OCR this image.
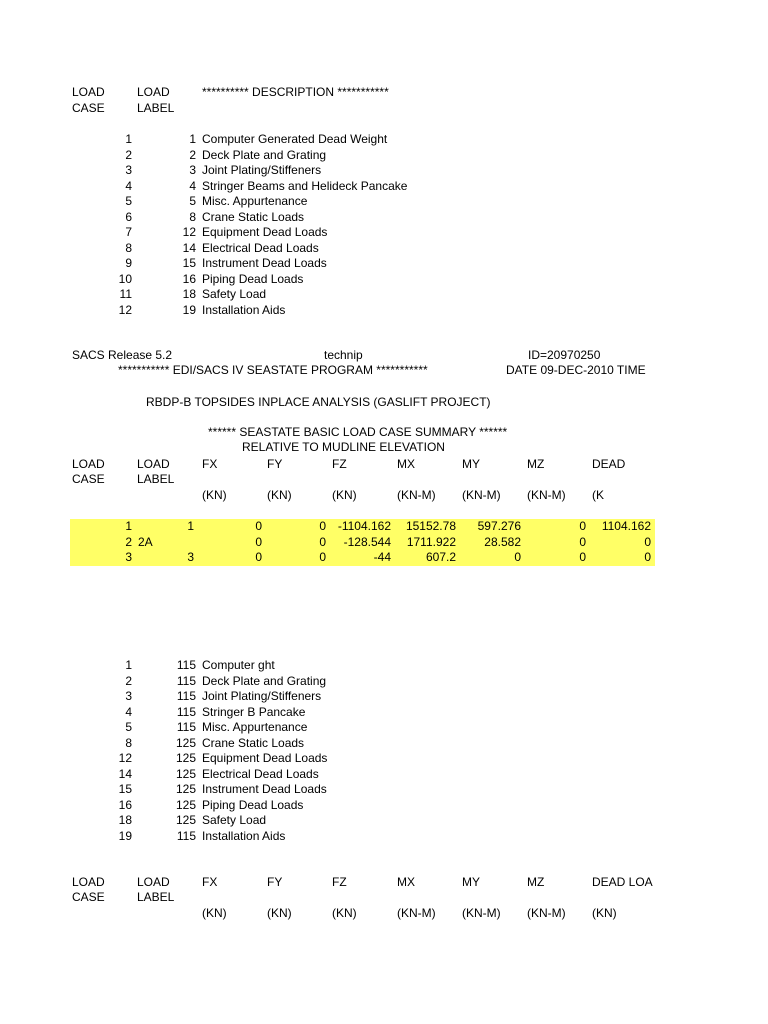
LOAD
CASE
LOAD
LABEL
********** DESCRIPTION ***********
1	1 Computer Generated Dead Weight
2	2 Deck Plate and Grating
3	3 Joint Plating/Stiffeners
4	4 Stringer Beams and Helideck Pancake
5	5 Misc. Appurtenance
6	8 Crane Static Loads
7	12 Equipment Dead Loads
8	14 Electrical Dead Loads
9	15 Instrument Dead Loads
10	16 Piping Dead Loads
11	18 Safety Load
12	19 Installation Aids
SACS Release 5.2	technip	ID=20970250
*********** EDI/SACS IV SEASTATE PROGRAM ***********	DATE 09-DEC-2010 TIME
RBDP-B TOPSIDES INPLACE ANALYSIS (GASLIFT PROJECT)
****** SEASTATE BASIC LOAD CASE SUMMARY ******
RELATIVE TO MUDLINE ELEVATION
LOAD	LOAD	FX	FY	FZ	MX	MY	MZ	DEAD
CASE	LABEL
(KN)	(KN)	(KN)	(KN-M) (KN-M) (KN-M) (K
1	1	0	0 -1104.162	15152.78	597.276	0	1104.162
2 2A	0	0	-128.544	1711.922	28.582	0	0
3	3	0	0	-44	607.2	0	0	0
1	115 Computer ght
2	115 Deck Plate and Grating
3	115 Joint Plating/Stiffeners
4	115 Stringer B Pancake
5	115 Misc. Appurtenance
8	125 Crane Static Loads
12	125 Equipment Dead Loads
14	125 Electrical Dead Loads
15	125 Instrument Dead Loads
16	125 Piping Dead Loads
18	125 Safety Load
19	115 Installation Aids
LOAD	LOAD	FX	FY	FZ	MX	MY	MZ	DEAD LOA
CASE	LABEL
(KN)	(KN)	(KN)	(KN-M) (KN-M) (KN-M) (KN)
